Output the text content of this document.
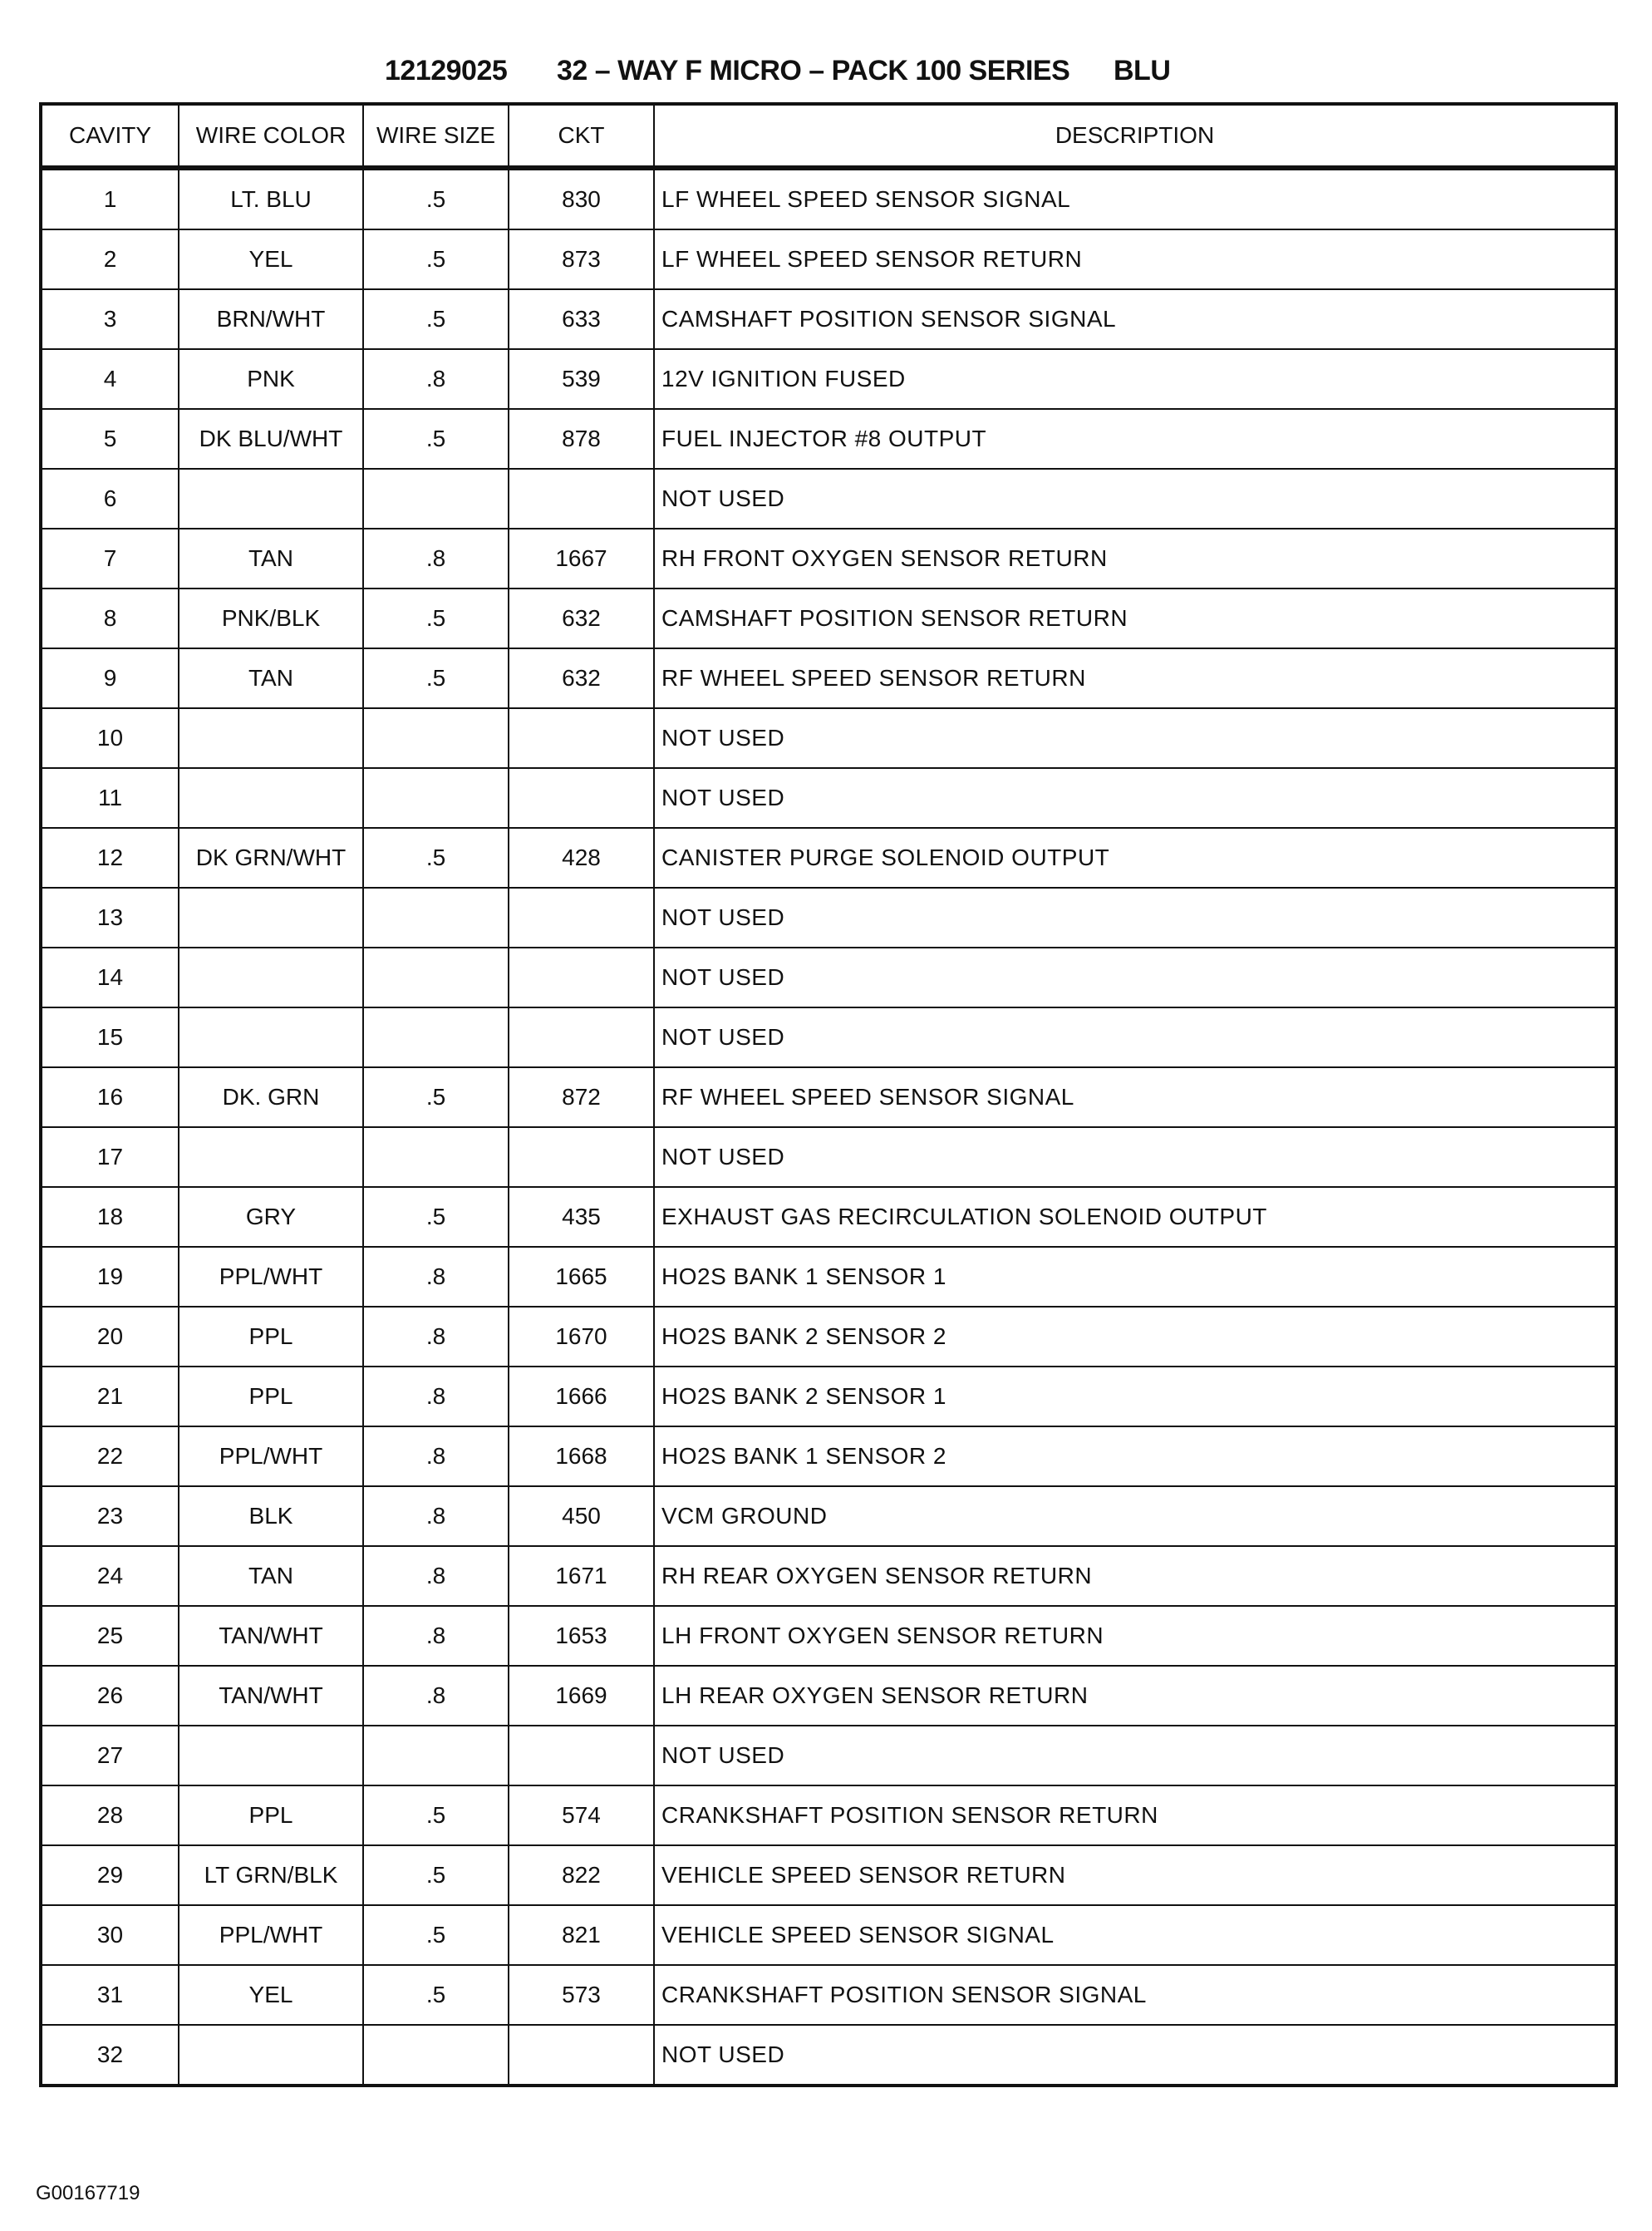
12129025 32 – WAY F MICRO – PACK 100 SERIES BLU
CAVITY	WIRE COLOR	WIRE SIZE	CKT	DESCRIPTION
1	LT. BLU	.5	830	LF WHEEL SPEED SENSOR SIGNAL
2	YEL	.5	873	LF WHEEL SPEED SENSOR RETURN
3	BRN/WHT	.5	633	CAMSHAFT POSITION SENSOR SIGNAL
4	PNK	.8	539	12V IGNITION FUSED
5	DK BLU/WHT	.5	878	FUEL INJECTOR #8 OUTPUT
6				NOT USED
7	TAN	.8	1667	RH FRONT OXYGEN SENSOR RETURN
8	PNK/BLK	.5	632	CAMSHAFT POSITION SENSOR RETURN
9	TAN	.5	632	RF WHEEL SPEED SENSOR RETURN
10				NOT USED
11				NOT USED
12	DK GRN/WHT	.5	428	CANISTER PURGE SOLENOID OUTPUT
13				NOT USED
14				NOT USED
15				NOT USED
16	DK. GRN	.5	872	RF WHEEL SPEED SENSOR SIGNAL
17				NOT USED
18	GRY	.5	435	EXHAUST GAS RECIRCULATION SOLENOID OUTPUT
19	PPL/WHT	.8	1665	HO2S BANK 1 SENSOR 1
20	PPL	.8	1670	HO2S BANK 2 SENSOR 2
21	PPL	.8	1666	HO2S BANK 2 SENSOR 1
22	PPL/WHT	.8	1668	HO2S BANK 1 SENSOR 2
23	BLK	.8	450	VCM GROUND
24	TAN	.8	1671	RH REAR OXYGEN SENSOR RETURN
25	TAN/WHT	.8	1653	LH FRONT OXYGEN SENSOR RETURN
26	TAN/WHT	.8	1669	LH REAR OXYGEN SENSOR RETURN
27				NOT USED
28	PPL	.5	574	CRANKSHAFT POSITION SENSOR RETURN
29	LT GRN/BLK	.5	822	VEHICLE SPEED SENSOR RETURN
30	PPL/WHT	.5	821	VEHICLE SPEED SENSOR SIGNAL
31	YEL	.5	573	CRANKSHAFT POSITION SENSOR SIGNAL
32				NOT USED
G00167719
